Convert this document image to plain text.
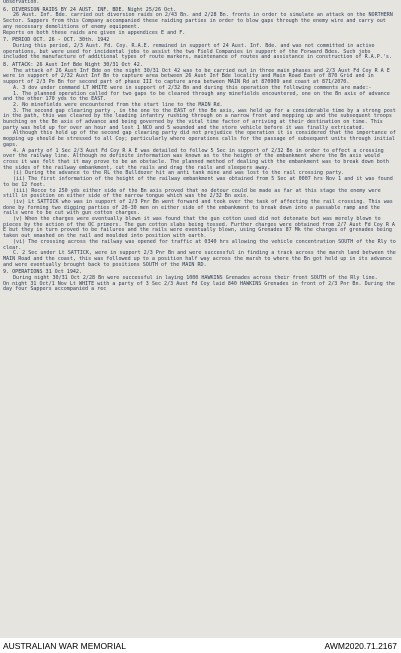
Observation.

6. DIVERSION RAIDS BY 24 AUST. INF. BDE. Night 25/26 Oct.

26 Aust. Inf. Bde. carried out diversion raids on 2/43 Bn. and 2/28 Bn. fronts in order to simulate an attack on the NORTHERN Sector. Sappers from this Company accompanied these raiding parties in order to blow gaps through the enemy wire and carry out any necessary demolitions of enemy equipment.

Reports on both these raids are given in appendices E and F.

7. PERIOD OCT. 26 - OCT. 30th. 1942

During this period, 2/3 Aust. Fd. Coy. R.A.E. remained in support of 24 Aust. Inf. Bde. and was not committed in active operations, but were used for incidental jobs to assist the two Field Companies in support of the Forward Bdes. Such jobs included the manufacture of additional types of route markers, maintenance of routes and assistance in construction of R.A.P.'s.

8. ATTACK: 26 Aust Inf Bde Night 30/31 Oct 42.

The attack of 26 Aust Inf Bde on the night 30/31 Oct 42 was to be carried out in three main phases and 2/3 Aust Fd Coy R A E were in support of 2/32 Aust Inf Bn to capture area between 26 Aust Inf Bde locality and Main Road East of 870 Grid and in support of 2/3 Pn Bn for second part of phase III to capture area between MAIN Rd at 870909 and coast at 871/2070.

A. 3 dov under command LT WHITE were in support of 2/32 Bn and during this operation the following comments are made:-

1. The planned operation called for two gaps to be cleared through any minefields encountered, one on the Bn axis of advance and the other 170 yds to the EAST.

2. No minefields were encountered from the start line to the MAIN Rd.

3. The second gap clearing party , in the one to the EAST of the Bn axis, was held up for a considerable time by a strong post in the path, this was cleared by the leading infantry rushing through on a narrow front and mopping up and the subsequent troops bunching on the Bn axis of advance and being governed by the vital time factor of arriving at their destination on time. This party was held up for over an hour and lost 1 NCO and 5 wounded and the store vehicle before it was finally extricated.

Although this hold up of the second gap clearing party did not prejudice the operation it is considered that the importance of mopping up should be stressed to all Coy; particularly where operations calls for the passage of subsequent units through initial gaps.

4. A party of 1 Sec 2/3 Aust Fd Coy R A E was detailed to follow 5 Sec in support of 2/32 Bn in order to effect a crossing over the railway line. Although no definite information was known as to the height of the embankment where the Bn axis would cross it was felt that it may prove to be an obstacle. The planned method of dealing with the embankment was to break down both the sides of the railway embankment, cut the rails and drag the rails and sleepers away.

(i) During the advance to the RL the Bulldozer hit an anti tank mine and was lost to the rail crossing party.

(ii) The first information of the height of the railway embankment was obtained from 5 Sec at 0007 hrs Nov 1 and it was found to be 12 feet.

(iii) Recce to 250 yds either side of the Bn axis proved that no detour could be made as far at this stage the enemy were still in position on either side of the narrow tongue which was the 2/32 Bn axis.

(iv) Lt SATTICK who was in support of 2/3 Pnr Bn went forward and took over the task of affecting the rail crossing. This was done by forming two digging parties of 20-30 men on either side of the embankment to break down into a passable ramp and the rails were to be cut with gun cotton charges.

(v) When the charges were eventually blown it was found that the gun cotton used did not detonate but was merely blown to pieces by the action of the OC primers. The gun cotton slabs being tossed. Further charges were obtained from 2/7 Aust Fd Coy R A E but they in turn proved to be failures and the rails were eventually blown, using Grenades 87 Mk the charges of grenades being taken out smashed on the rail and moulded into position with earth.

(vi) The crossing across the railway was opened for traffic at 0340 hrs allowing the vehicle concentration SOUTH of the Rly to clear.

C. 2 Sec under Lt SATTICK, were in support 2/3 Pnr Bn and were successful in finding a track across the marsh land between the MAIN Road and the coast, this was followed up to a position half way across the marsh to where the Bn got held up in its advance and were eventually brought back to positions SOUTH of the MAIN RD.

9. OPERATIONS 31 Oct 1942.

During night 30/31 Oct 2/28 Bn were successful in laying 1000 HAWKINS Grenades across their front SOUTH of the Rly line.

On night 31 Oct/1 Nov Lt WHITE with a party of 3 Sec 2/3 Aust Fd Coy laid 840 HAWKINS Grenades in front of 2/3 Pnr Bn. During the day four Sappers accompanied a rec

AUSTRALIAN WAR MEMORIAL	AWM2020.71.2167
